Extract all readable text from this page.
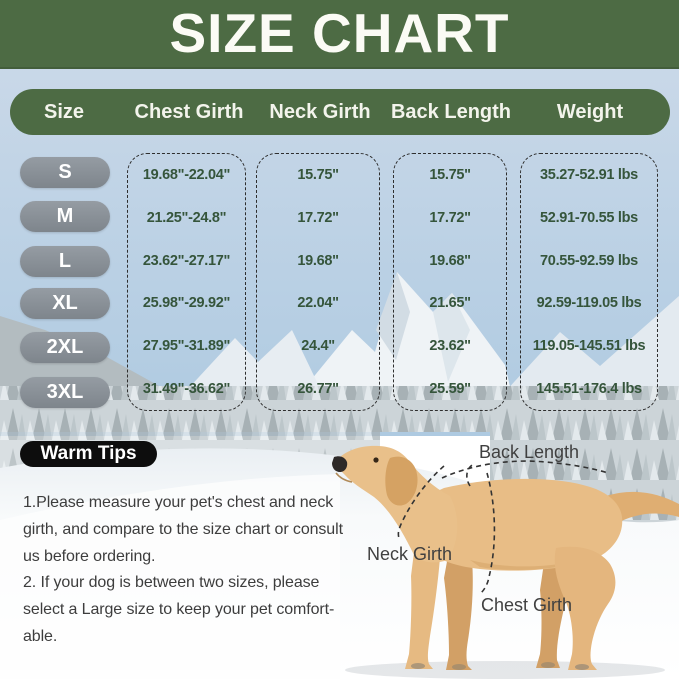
SIZE CHART
Size	Chest Girth Neck Girth Back Length Weight
S
M
L
XL
2XL
3XL
19.68"-22.04"
21.25"-24.8"
23.62"-27.17"
25.98"-29.92"
27.95"-31.89"
31.49"-36.62"
15.75"
17.72"
19.68"
22.04"
24.4"
26.77"
15.75"
17.72"
19.68"
21.65"
23.62"
25.59"
35.27-52.91 lbs
52.91-70.55 lbs
70.55-92.59 lbs
92.59-119.05 lbs
119.05-145.51 lbs
145.51-176.4 lbs
Warm Tips
1.Please measure your pet's chest and neck
girth, and compare to the size chart or consult
us before ordering.
2. If your dog is between two sizes, please
select a Large size to keep your pet comfort-
able.
Back Length
Neck Girth
Chest Girth
